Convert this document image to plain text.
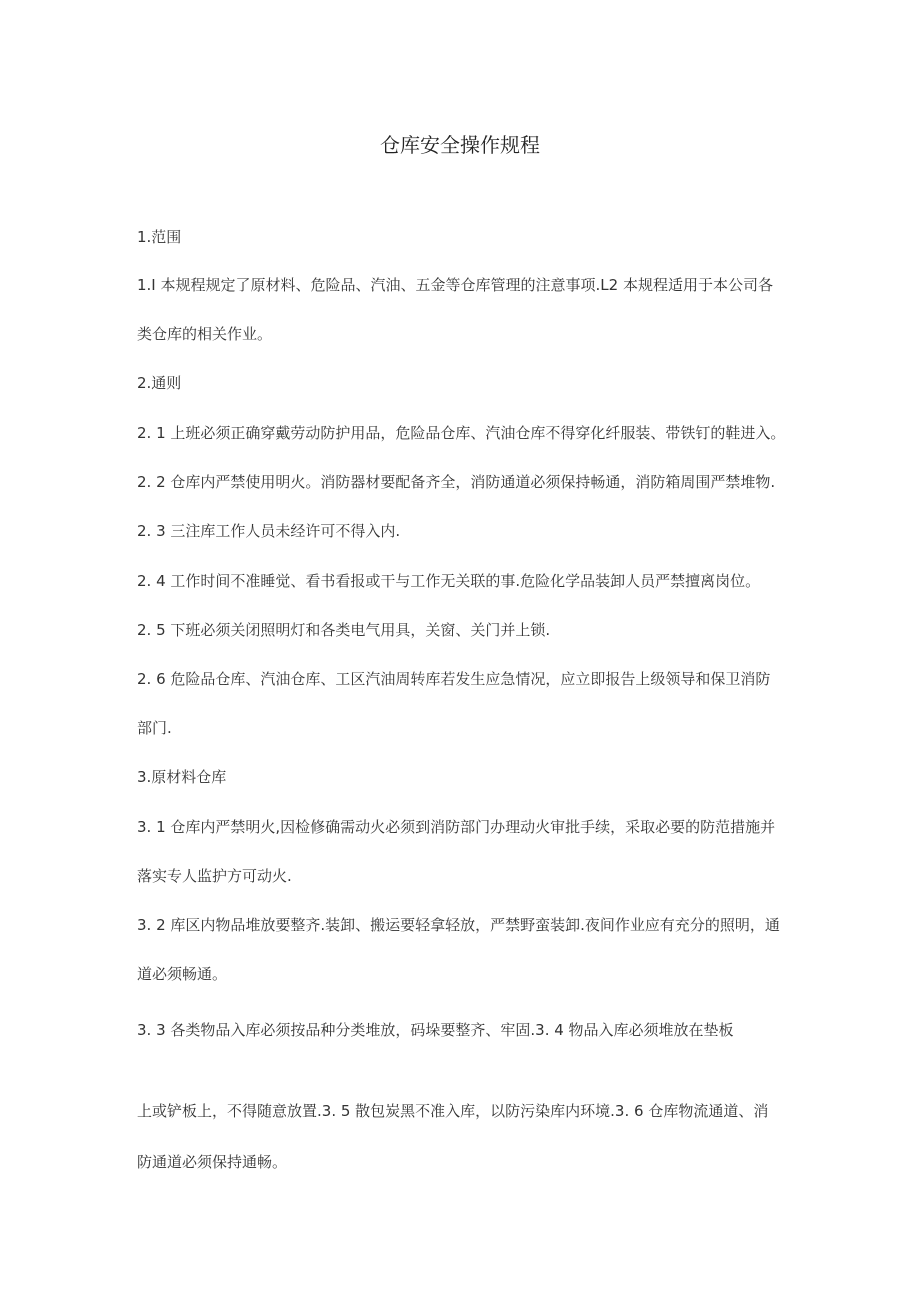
仓库安全操作规程
1.范围
1.I 本规程规定了原材料、危险品、汽油、五金等仓库管理的注意事项.L2 本规程适用于本公司各
类仓库的相关作业。
2.通则
2. 1 上班必须正确穿戴劳动防护用品，危险品仓库、汽油仓库不得穿化纤服装、带铁钉的鞋进入。
2. 2 仓库内严禁使用明火。消防器材要配备齐全，消防通道必须保持畅通，消防箱周围严禁堆物.
2. 3 三注库工作人员未经许可不得入内.
2. 4 工作时间不准睡觉、看书看报或干与工作无关联的事.危险化学品装卸人员严禁擅离岗位。
2. 5 下班必须关闭照明灯和各类电气用具，关窗、关门并上锁.
2. 6 危险品仓库、汽油仓库、工区汽油周转库若发生应急情况，应立即报告上级领导和保卫消防
部门.
3.原材料仓库
3. 1 仓库内严禁明火,因检修确需动火必须到消防部门办理动火审批手续，采取必要的防范措施并
落实专人监护方可动火.
3. 2 库区内物品堆放要整齐.装卸、搬运要轻拿轻放，严禁野蛮装卸.夜间作业应有充分的照明，通
道必须畅通。
3. 3 各类物品入库必须按品种分类堆放，码垛要整齐、牢固.3. 4 物品入库必须堆放在垫板
上或铲板上，不得随意放置.3. 5 散包炭黑不准入库，以防污染库内环境.3. 6 仓库物流通道、消
防通道必须保持通畅。
